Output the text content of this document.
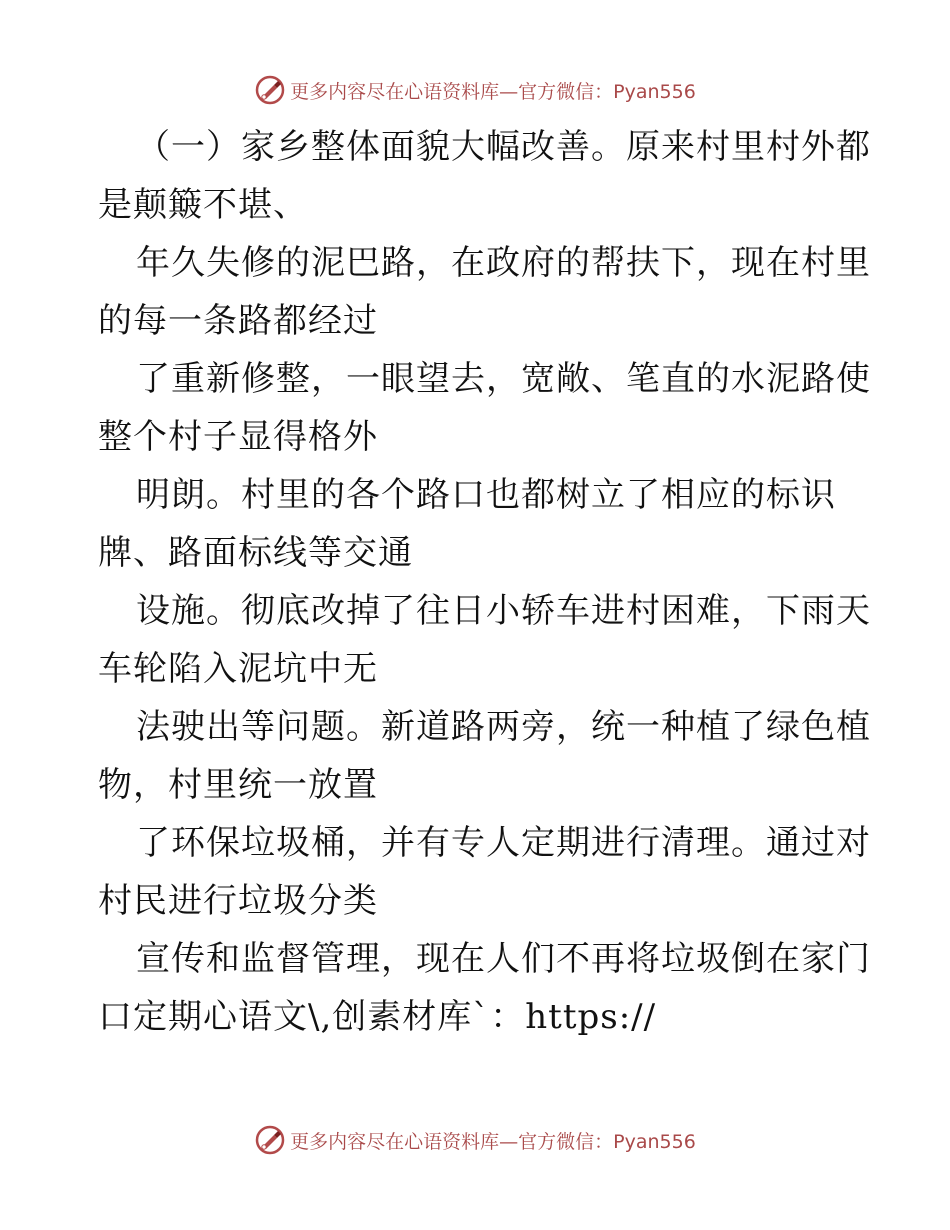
更多内容尽在心语资料库—官方微信：Pyan556
（一）家乡整体面貌大幅改善。原来村里村外都
是颠簸不堪、
年久失修的泥巴路，在政府的帮扶下，现在村里
的每一条路都经过
了重新修整，一眼望去，宽敞、笔直的水泥路使
整个村子显得格外
明朗。村里的各个路口也都树立了相应的标识
牌、路面标线等交通
设施。彻底改掉了往日小轿车进村困难，下雨天
车轮陷入泥坑中无
法驶出等问题。新道路两旁，统一种植了绿色植
物，村里统一放置
了环保垃圾桶，并有专人定期进行清理。通过对
村民进行垃圾分类
宣传和监督管理，现在人们不再将垃圾倒在家门
口定期心语文\,创素材库`：https://
更多内容尽在心语资料库—官方微信：Pyan556
